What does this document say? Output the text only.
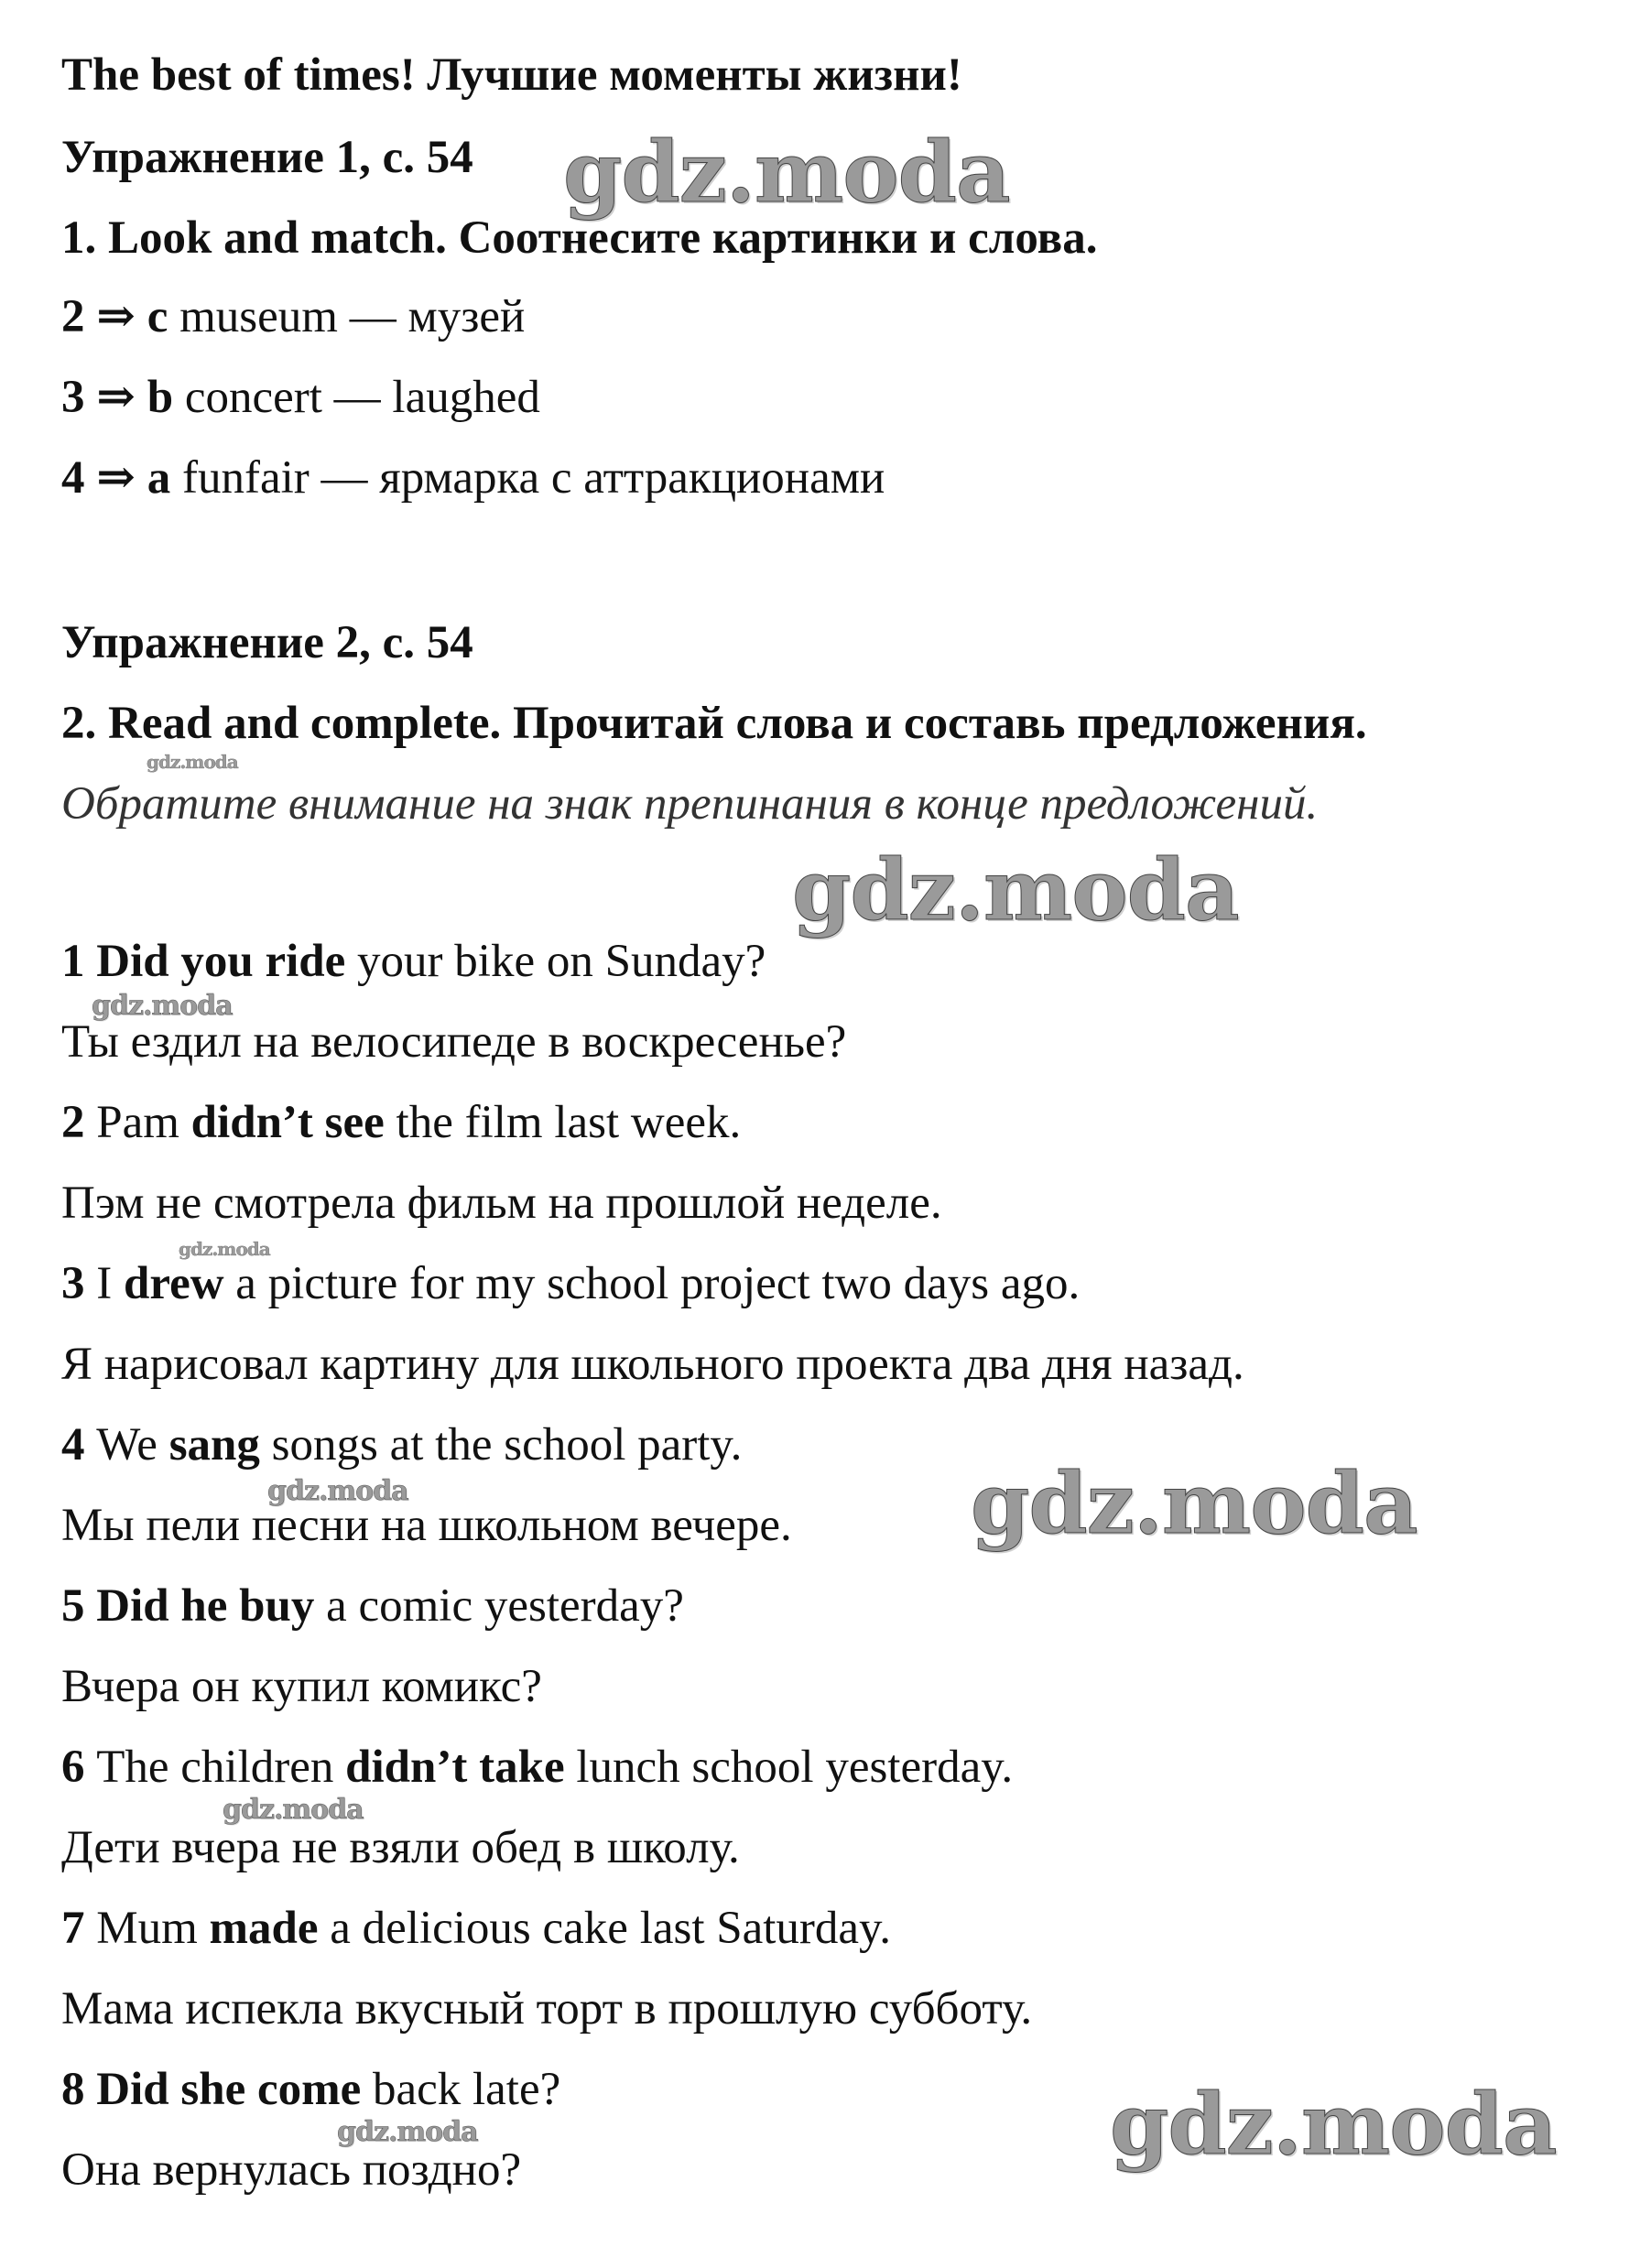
The best of times! Лучшие моменты жизни!
Упражнение 1, с. 54
1. Look and match. Соотнесите картинки и слова.
2 ⇒ c museum — музей
3 ⇒ b concert — laughed
4 ⇒ a funfair — ярмарка с аттракционами
Упражнение 2, с. 54
2. Read and complete. Прочитай слова и составь предложения.
Обратите внимание на знак препинания в конце предложений.
1 Did you ride your bike on Sunday?
Ты ездил на велосипеде в воскресенье?
2 Pam didn’t see the film last week.
Пэм не смотрела фильм на прошлой неделе.
3 I drew a picture for my school project two days ago.
Я нарисовал картину для школьного проекта два дня назад.
4 We sang songs at the school party.
Мы пели песни на школьном вечере.
5 Did he buy a comic yesterday?
Вчера он купил комикс?
6 The children didn’t take lunch school yesterday.
Дети вчера не взяли обед в школу.
7 Mum made a delicious cake last Saturday.
Мама испекла вкусный торт в прошлую субботу.
8 Did she come back late?
Она вернулась поздно?
gdz.moda
gdz.moda
gdz.moda
gdz.moda
gdz.moda
gdz.moda
gdz.moda
gdz.moda
gdz.moda
gdz.moda
